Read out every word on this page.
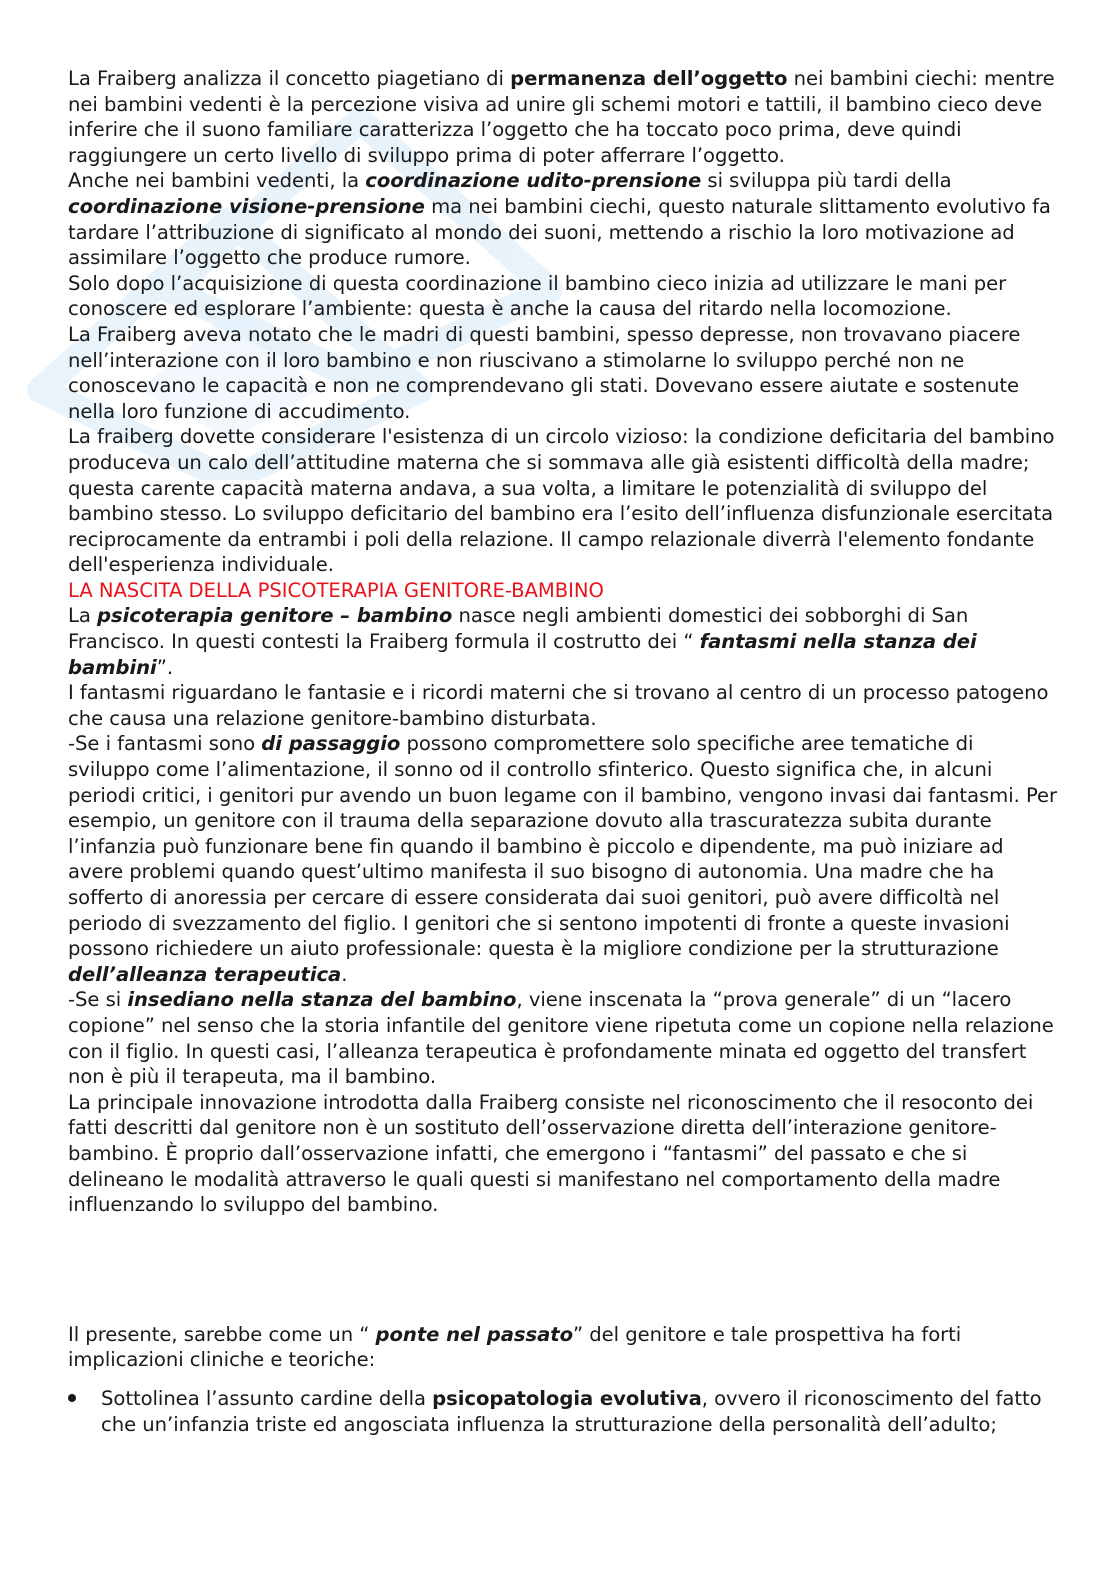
La Fraiberg analizza il concetto piagetiano di permanenza dell’oggetto nei bambini ciechi: mentre nei bambini vedenti è la percezione visiva ad unire gli schemi motori e tattili, il bambino cieco deve inferire che il suono familiare caratterizza l’oggetto che ha toccato poco prima, deve quindi raggiungere un certo livello di sviluppo prima di poter afferrare l’oggetto.

Anche nei bambini vedenti, la coordinazione udito-prensione si sviluppa più tardi della coordinazione visione-prensione ma nei bambini ciechi, questo naturale slittamento evolutivo fa tardare l’attribuzione di significato al mondo dei suoni, mettendo a rischio la loro motivazione ad assimilare l’oggetto che produce rumore.

Solo dopo l’acquisizione di questa coordinazione il bambino cieco inizia ad utilizzare le mani per conoscere ed esplorare l’ambiente: questa è anche la causa del ritardo nella locomozione.

La Fraiberg aveva notato che le madri di questi bambini, spesso depresse, non trovavano piacere nell’interazione con il loro bambino e non riuscivano a stimolarne lo sviluppo perché non ne conoscevano le capacità e non ne comprendevano gli stati. Dovevano essere aiutate e sostenute nella loro funzione di accudimento.

La fraiberg dovette considerare l'esistenza di un circolo vizioso: la condizione deficitaria del bambino produceva un calo dell’attitudine materna che si sommava alle già esistenti difficoltà della madre; questa carente capacità materna andava, a sua volta, a limitare le potenzialità di sviluppo del bambino stesso. Lo sviluppo deficitario del bambino era l’esito dell’influenza disfunzionale esercitata reciprocamente da entrambi i poli della relazione. Il campo relazionale diverrà l'elemento fondante dell'esperienza individuale.

LA NASCITA DELLA PSICOTERAPIA GENITORE-BAMBINO

La psicoterapia genitore – bambino nasce negli ambienti domestici dei sobborghi di San Francisco. In questi contesti la Fraiberg formula il costrutto dei “ fantasmi nella stanza dei bambini”.

I fantasmi riguardano le fantasie e i ricordi materni che si trovano al centro di un processo patogeno che causa una relazione genitore-bambino disturbata.

-Se i fantasmi sono di passaggio possono compromettere solo specifiche aree tematiche di sviluppo come l’alimentazione, il sonno od il controllo sfinterico. Questo significa che, in alcuni periodi critici, i genitori pur avendo un buon legame con il bambino, vengono invasi dai fantasmi. Per esempio, un genitore con il trauma della separazione dovuto alla trascuratezza subita durante l’infanzia può funzionare bene fin quando il bambino è piccolo e dipendente, ma può iniziare ad avere problemi quando quest’ultimo manifesta il suo bisogno di autonomia. Una madre che ha sofferto di anoressia per cercare di essere considerata dai suoi genitori, può avere difficoltà nel periodo di svezzamento del figlio. I genitori che si sentono impotenti di fronte a queste invasioni possono richiedere un aiuto professionale: questa è la migliore condizione per la strutturazione dell’alleanza terapeutica.

-Se si insediano nella stanza del bambino, viene inscenata la “prova generale” di un “lacero copione” nel senso che la storia infantile del genitore viene ripetuta come un copione nella relazione con il figlio. In questi casi, l’alleanza terapeutica è profondamente minata ed oggetto del transfert non è più il terapeuta, ma il bambino.

La principale innovazione introdotta dalla Fraiberg consiste nel riconoscimento che il resoconto dei fatti descritti dal genitore non è un sostituto dell’osservazione diretta dell’interazione genitore-bambino. È proprio dall’osservazione infatti, che emergono i “fantasmi” del passato e che si delineano le modalità attraverso le quali questi si manifestano nel comportamento della madre influenzando lo sviluppo del bambino.

Il presente, sarebbe come un “ ponte nel passato” del genitore e tale prospettiva ha forti implicazioni cliniche e teoriche:

Sottolinea l’assunto cardine della psicopatologia evolutiva, ovvero il riconoscimento del fatto che un’infanzia triste ed angosciata influenza la strutturazione della personalità dell’adulto;
